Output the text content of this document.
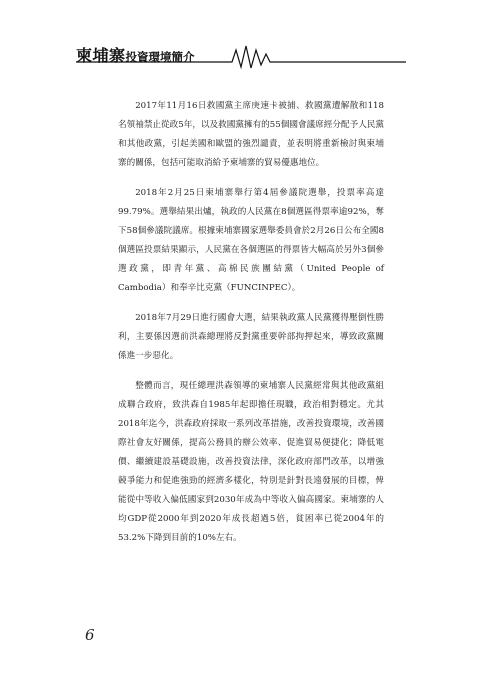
柬埔寨投資環境簡介

2017年11月16日救國黨主席庚速卡被捕、救國黨遭解散和118名領袖禁止從政5年，以及救國黨擁有的55個國會議席經分配予人民黨和其他政黨，引起美國和歐盟的強烈譴責，並表明將重新檢討與柬埔寨的關係，包括可能取消給予柬埔寨的貿易優惠地位。

2018年2月25日柬埔寨舉行第4屆參議院選舉，投票率高達99.79%。選舉結果出爐，執政的人民黨在8個選區得票率逾92%，奪下58個參議院議席。根據柬埔寨國家選舉委員會於2月26日公布全國8個選區投票結果顯示，人民黨在各個選區的得票皆大幅高於另外3個參選政黨，即青年黨、高棉民族團結黨（United People of Cambodia）和奉辛比克黨（FUNCINPEC）。

2018年7月29日進行國會大選，結果執政黨人民黨獲得壓倒性勝利，主要係因選前洪森總理將反對黨重要幹部拘押起來，導致政黨關係進一步惡化。

整體而言，現任總理洪森領導的柬埔寨人民黨經常與其他政黨組成聯合政府，致洪森自1985年起即擔任現職，政治相對穩定。尤其2018年迄今，洪森政府採取一系列改革措施，改善投資環境，改善國際社會友好關係，提高公務員的辦公效率、促進貿易便捷化；降低電價、繼續建設基礎設施，改善投資法律，深化政府部門改革，以增強競爭能力和促進強勁的經濟多樣化，特別是針對長遠發展的目標，俾能從中等收入偏低國家到2030年成為中等收入偏高國家。柬埔寨的人均GDP從2000年到2020年成長超過5倍，貧困率已從2004年的53.2%下降到目前的10%左右。

6
